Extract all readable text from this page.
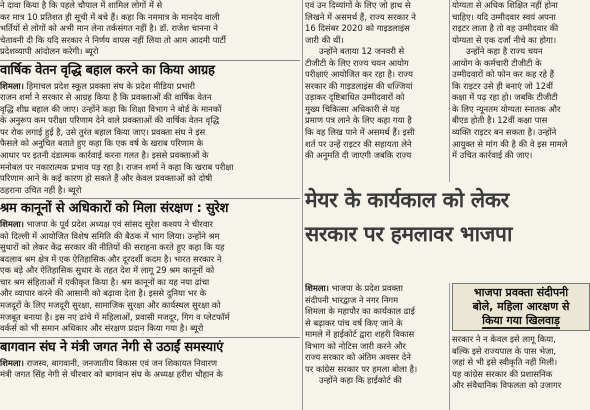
ने दावा किया है कि पहले चौपाल में शामिल लोगों में से

कर मात्र 10 प्रतिशत ही सूची में बचे हैं। कहा कि नममात्र के मानदेय वाली

भर्तियों से लोगों को अभी मान लेना तर्कसंगत नहीं है। डॉ. राजेश चानना ने

चेतावनी दी कि यदि सरकार ने निर्णय वापस नहीं लिया तो आम आदमी पार्टी

प्रदेशव्यापी आंदोलन करेगी। ब्यूरो

वार्षिक वेतन वृद्धि बहाल करने का किया आग्रह

शिमला। हिमाचल प्रदेश स्कूल प्रवक्ता संघ के प्रदेश मीडिया प्रभारी

राजन शर्मा ने सरकार से आग्रह किया है कि प्रवक्ताओं की वार्षिक वेतन

वृद्धि शीघ्र बहाल की जाए। उन्होंने कहा कि शिक्षा विभाग ने बोर्ड के मानकों

के अनुरूप कम परीक्षा परिणाम देने वाले प्रवक्ताओं की वार्षिक वेतन वृद्धि

पर रोक लगाई हुई है, उसे तुरंत बहाल किया जाए। प्रवक्ता संघ ने इस

फैसले को अनुचित बताते हुए कहा कि एक वर्ष के खराब परिणाम के

आधार पर इतनी दंडात्मक कार्रवाई करना गलत है। इससे प्रवक्ताओं के

मनोबल पर नकारात्मक प्रभाव पड़ रहा है। राजन शर्मा ने कहा कि खराब परीक्षा

परिणाम आने के कई कारण हो सकते हैं और केवल प्रवक्ताओं को दोषी

ठहराना उचित नहीं है। ब्यूरो

श्रम कानूनों से अधिकारों को मिला संरक्षण : सुरेश

शिमला। भाजपा के पूर्व प्रदेश अध्यक्ष एवं सांसद सुरेश कश्यप ने चीरवार

को दिल्ली में आयोजित विशेष समिति की बैठक में भाग लिया। उन्होंने श्रम

सुधारों को लेकर केंद्र सरकार की नीतियों की सराहना करते हुए कहा कि यह

बदलाव श्रम क्षेत्र में एक ऐतिहासिक और दूरदर्शी कदम है। भारत सरकार ने

एक बड़े और ऐतिहासिक सुधार के तहत देश में लागू 29 श्रम कानूनों को

चार श्रम संहिताओं में एकीकृत किया है। श्रम कानूनों का यह नया ढांचा

और व्यापार करने की आसानी को बढ़ावा देता है। इससे दुनिया भर के

मजदूरों के लिए मजदूरी सुरक्षा, सामाजिक सुरक्षा और कार्यस्थल सुरक्षा को

मजबूत बनाया है। इस नए ढांचे में महिलाओं, प्रवासी मजदूर, गिग व प्लेटफॉर्म

वर्कर्स को भी समान अधिकार और संरक्षण प्रदान किया गया है। ब्यूरो

बागवान संघ ने मंत्री जगत नेगी से उठाईं समस्याएं

शिमला। राजस्व, बागवानी, जनजातीय विकास एवं जन शिकायत निवारण

मंत्री जगत सिंह नेगी से चीरवार को बागवान संघ के अध्यक्ष हरीश चौहान के

एवं उन दिव्यांगों के लिए जो हाथ से

लिखने में असमर्थ हैं, राज्य सरकार ने

16 दिसंबर 2020 को गाइडलाइंस

जारी की थीं।

उन्होंने बताया 12 जनवरी से

टीजीटी के लिए राज्य चयन आयोग

परीक्षाएं आयोजित कर रहा है। राज्य

सरकार की गाइडलाइंस की धज्जियां

उड़ाकर दृष्टिबाधित उम्मीदवारों को

मुख्य चिकित्सा अधिकारी से यह

प्रमाण पत्र लाने के लिए कहा गया है

कि वह लिख पाने में असमर्थ हैं। इसी

शर्त पर उन्हें राइटर की सहायता लेने

की अनुमति दी जाएगी जबकि राज्य

योग्यता से अधिक शिक्षित नहीं होना

चाहिए। यदि उम्मीदवार स्वयं अपना

राइटर लाता है तो वह उम्मीदवार की

योग्यता से एक दर्जा नीचे का होगा।

उन्होंने कहा है राज्य चयन

आयोग के कर्मचारी टीजीटी के

उम्मीदवारों को फोन कर कह रहे हैं

कि राइटर उसे ही बनाएं जो 12वीं

कक्षा में पढ़ रहा हो। जबकि टीजीटी

के लिए न्यूनतम योग्यता स्नातक और

बीएड होती है। 12वीं कक्षा पास

व्यक्ति राइटर बन सकता है। उन्होंने

आयुक्त से मांग की है की वे इस मामले

में उचित कार्रवाई की जाए।

मेयर के कार्यकाल को लेकर
सरकार पर हमलावर भाजपा

शिमला। भाजपा के प्रदेश प्रवक्ता

संदीपनी भारद्वाज ने नगर निगम

शिमला के महापौर का कार्यकाल ढाई

से बढ़ाकर पांच वर्ष किए जाने के

मामले में हाईकोर्ट द्वारा शहरी विकास

विभाग को नोटिस जारी करने और

राज्य सरकार को अंतिम अवसर देने

पर कांग्रेस सरकार पर हमला बोला है।

उन्होंने कहा कि हाईकोर्ट की

भाजपा प्रवक्ता संदीपनी
बोले, महिला आरक्षण से
किया गया खिलवाड़

सरकार ने न केवल इसे लागू किया,

बल्कि इसे राज्यपाल के पास भेजा,

जहां से भी इसे स्वीकृति नहीं मिली।

यह कांग्रेस सरकार की प्रशासनिक

और संवैधानिक विफलता को उजागर
